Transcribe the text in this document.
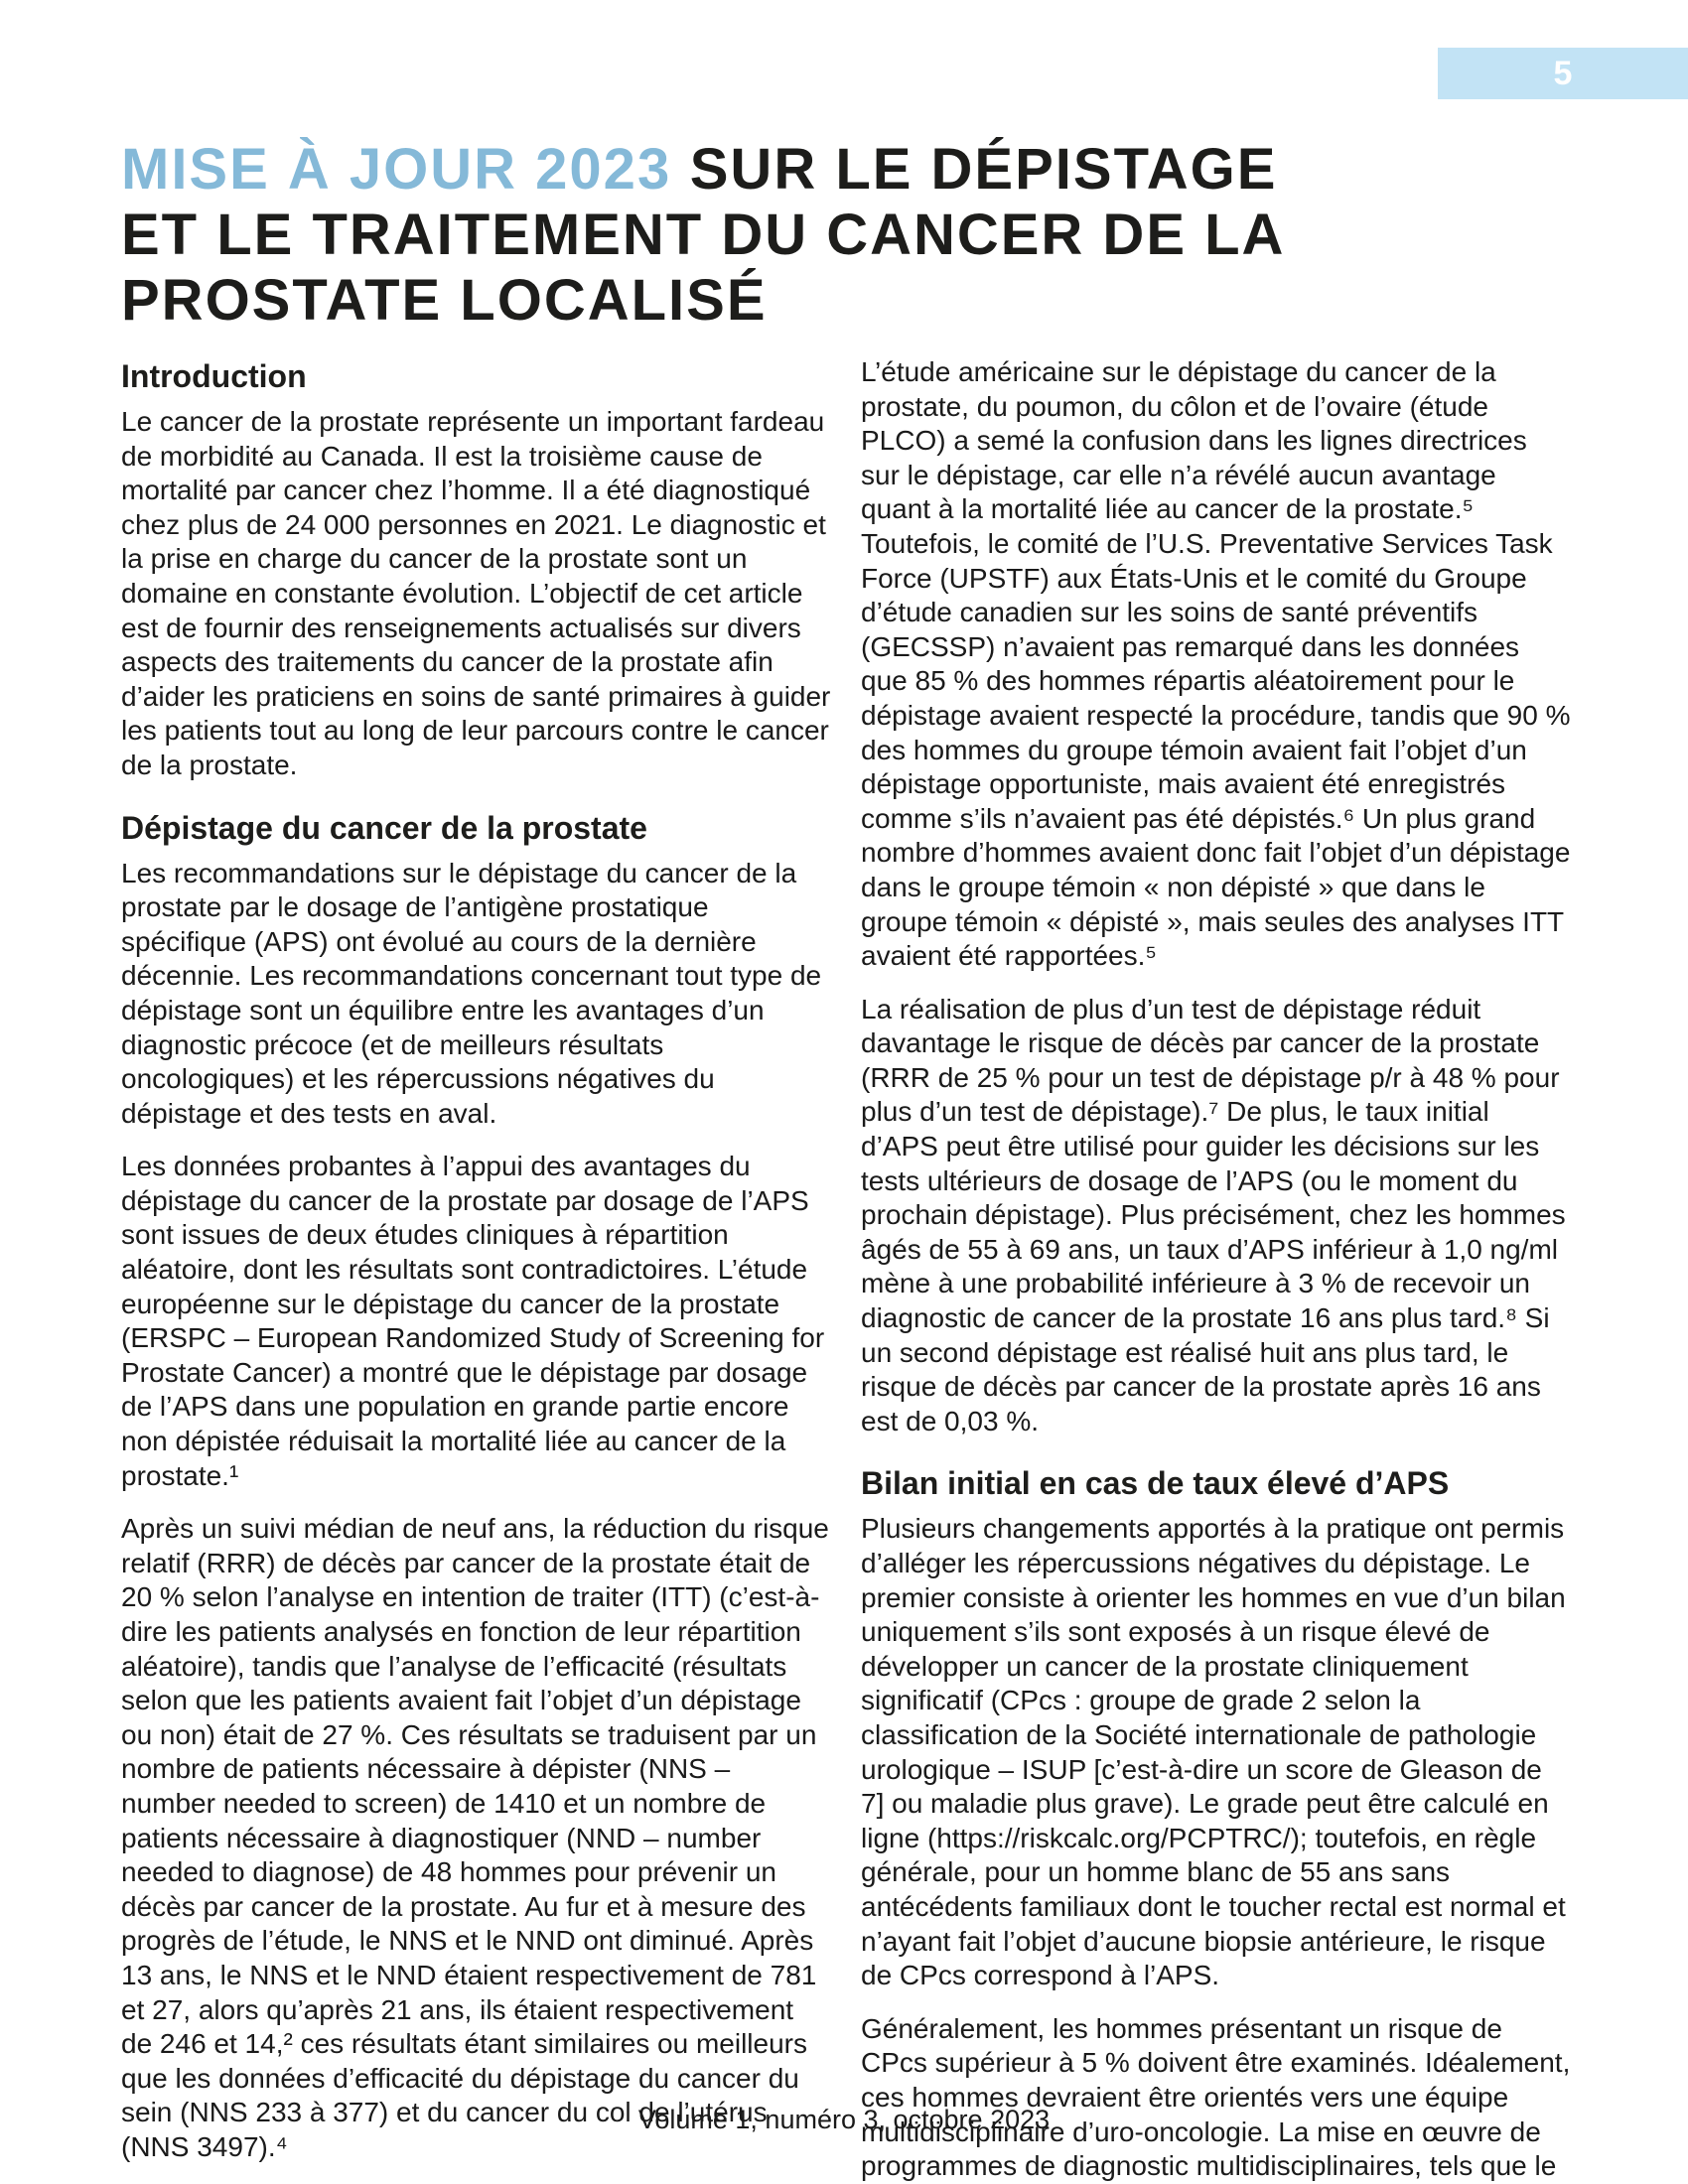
5
MISE À JOUR 2023 SUR LE DÉPISTAGE
ET LE TRAITEMENT DU CANCER DE LA
PROSTATE LOCALISÉ
Introduction

Le cancer de la prostate représente un important fardeau de morbidité au Canada. Il est la troisième cause de mortalité par cancer chez l’homme. Il a été diagnostiqué chez plus de 24 000 personnes en 2021. Le diagnostic et la prise en charge du cancer de la prostate sont un domaine en constante évolution. L’objectif de cet article est de fournir des renseignements actualisés sur divers aspects des traitements du cancer de la prostate afin d’aider les praticiens en soins de santé primaires à guider les patients tout au long de leur parcours contre le cancer de la prostate.

Dépistage du cancer de la prostate

Les recommandations sur le dépistage du cancer de la prostate par le dosage de l’antigène prostatique spécifique (APS) ont évolué au cours de la dernière décennie. Les recommandations concernant tout type de dépistage sont un équilibre entre les avantages d’un diagnostic précoce (et de meilleurs résultats oncologiques) et les répercussions négatives du dépistage et des tests en aval.

Les données probantes à l’appui des avantages du dépistage du cancer de la prostate par dosage de l’APS sont issues de deux études cliniques à répartition aléatoire, dont les résultats sont contradictoires. L’étude européenne sur le dépistage du cancer de la prostate (ERSPC – European Randomized Study of Screening for Prostate Cancer) a montré que le dépistage par dosage de l’APS dans une population en grande partie encore non dépistée réduisait la mortalité liée au cancer de la prostate.¹

Après un suivi médian de neuf ans, la réduction du risque relatif (RRR) de décès par cancer de la prostate était de 20 % selon l’analyse en intention de traiter (ITT) (c’est-à-dire les patients analysés en fonction de leur répartition aléatoire), tandis que l’analyse de l’efficacité (résultats selon que les patients avaient fait l’objet d’un dépistage ou non) était de 27 %. Ces résultats se traduisent par un nombre de patients nécessaire à dépister (NNS – number needed to screen) de 1410 et un nombre de patients nécessaire à diagnostiquer (NND – number needed to diagnose) de 48 hommes pour prévenir un décès par cancer de la prostate. Au fur et à mesure des progrès de l’étude, le NNS et le NND ont diminué. Après 13 ans, le NNS et le NND étaient respectivement de 781 et 27, alors qu’après 21 ans, ils étaient respectivement de 246 et 14,² ces résultats étant similaires ou meilleurs que les données d’efficacité du dépistage du cancer du sein (NNS 233 à 377) et du cancer du col de l’utérus (NNS 3497).⁴

L’étude américaine sur le dépistage du cancer de la prostate, du poumon, du côlon et de l’ovaire (étude PLCO) a semé la confusion dans les lignes directrices sur le dépistage, car elle n’a révélé aucun avantage quant à la mortalité liée au cancer de la prostate.⁵ Toutefois, le comité de l’U.S. Preventative Services Task Force (UPSTF) aux États-Unis et le comité du Groupe d’étude canadien sur les soins de santé préventifs (GECSSP) n’avaient pas remarqué dans les données que 85 % des hommes répartis aléatoirement pour le dépistage avaient respecté la procédure, tandis que 90 % des hommes du groupe témoin avaient fait l’objet d’un dépistage opportuniste, mais avaient été enregistrés comme s’ils n’avaient pas été dépistés.⁶ Un plus grand nombre d’hommes avaient donc fait l’objet d’un dépistage dans le groupe témoin « non dépisté » que dans le groupe témoin « dépisté », mais seules des analyses ITT avaient été rapportées.⁵

La réalisation de plus d’un test de dépistage réduit davantage le risque de décès par cancer de la prostate (RRR de 25 % pour un test de dépistage p/r à 48 % pour plus d’un test de dépistage).⁷ De plus, le taux initial d’APS peut être utilisé pour guider les décisions sur les tests ultérieurs de dosage de l’APS (ou le moment du prochain dépistage). Plus précisément, chez les hommes âgés de 55 à 69 ans, un taux d’APS inférieur à 1,0 ng/ml mène à une probabilité inférieure à 3 % de recevoir un diagnostic de cancer de la prostate 16 ans plus tard.⁸ Si un second dépistage est réalisé huit ans plus tard, le risque de décès par cancer de la prostate après 16 ans est de 0,03 %.

Bilan initial en cas de taux élevé d’APS

Plusieurs changements apportés à la pratique ont permis d’alléger les répercussions négatives du dépistage. Le premier consiste à orienter les hommes en vue d’un bilan uniquement s’ils sont exposés à un risque élevé de développer un cancer de la prostate cliniquement significatif (CPcs : groupe de grade 2 selon la classification de la Société internationale de pathologie urologique – ISUP [c’est-à-dire un score de Gleason de 7] ou maladie plus grave). Le grade peut être calculé en ligne (https://riskcalc.org/PCPTRC/); toutefois, en règle générale, pour un homme blanc de 55 ans sans antécédents familiaux dont le toucher rectal est normal et n’ayant fait l’objet d’aucune biopsie antérieure, le risque de CPcs correspond à l’APS.

Généralement, les hommes présentant un risque de CPcs supérieur à 5 % doivent être examinés. Idéalement, ces hommes devraient être orientés vers une équipe multidisciplinaire d’uro-oncologie. La mise en œuvre de programmes de diagnostic multidisciplinaires, tels que le

Volume 1, numéro 3, octobre 2023
